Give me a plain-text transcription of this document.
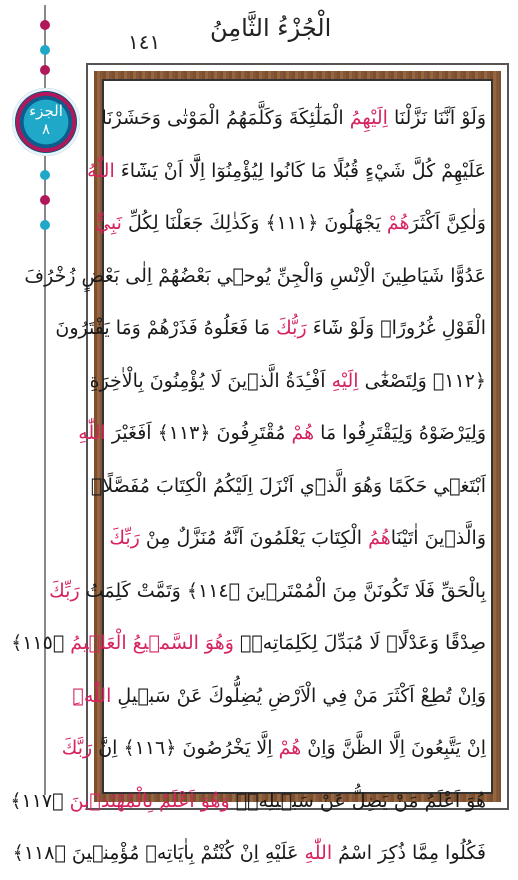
١٤١ الْجُزْءُ الثَّامِنُ
الجزء
٨	وَلَوْ اَنَّنَا نَزَّلْنَا اِلَيْهِمُ الْمَلٰٓئِكَةَ وَكَلَّمَهُمُ الْمَوْتٰى وَحَشَرْنَا
عَلَيْهِمْ كُلَّ شَيْءٍ قُبُلًا مَا كَانُوا لِيُؤْمِنُوٓا اِلَّٓا اَنْ يَشَٓاءَ اللّٰهُ
وَلٰكِنَّ اَكْثَرَهُمْ يَجْهَلُونَ ﴿١١١﴾ وَكَذٰلِكَ جَعَلْنَا لِكُلِّ نَبِيٍّ
عَدُوًّا شَيَاطِينَ الْاِنْسِ وَالْجِنِّ يُوحٖي بَعْضُهُمْ اِلٰى بَعْضٍ زُخْرُفَ
الْقَوْلِ غُرُورًاۜ وَلَوْ شَٓاءَ رَبُّكَ مَا فَعَلُوهُ فَذَرْهُمْ وَمَا يَفْتَرُونَ
﴿١١٢﴾ وَلِتَصْغٰٓى اِلَيْهِ اَفْـِٔدَةُ الَّذٖينَ لَا يُؤْمِنُونَ بِالْاٰخِرَةِ
وَلِيَرْضَوْهُ وَلِيَقْتَرِفُوا مَا هُمْ مُقْتَرِفُونَ ﴿١١٣﴾ اَفَغَيْرَ اللّٰهِ
اَبْتَغٖي حَكَمًا وَهُوَ الَّذٖٓي اَنْزَلَ اِلَيْكُمُ الْكِتَابَ مُفَصَّلًاۜ
وَالَّذٖينَ اٰتَيْنَاهُمُ الْكِتَابَ يَعْلَمُونَ اَنَّهُ مُنَزَّلٌ مِنْ رَبِّكَ
بِالْحَقِّ فَلَا تَكُونَنَّ مِنَ الْمُمْتَرٖينَ ﴿١١٤﴾ وَتَمَّتْ كَلِمَتُ رَبِّكَ
صِدْقًا وَعَدْلًاۜ لَا مُبَدِّلَ لِكَلِمَاتِهٖۚ وَهُوَ السَّمٖيعُ الْعَلٖيمُ ﴿١١٥﴾
وَاِنْ تُطِعْ اَكْثَرَ مَنْ فِي الْاَرْضِ يُضِلُّوكَ عَنْ سَبٖيلِ اللّٰهِۜ
اِنْ يَتَّبِعُونَ اِلَّا الظَّنَّ وَاِنْ هُمْ اِلَّا يَخْرُصُونَ ﴿١١٦﴾ اِنَّ رَبَّكَ
هُوَ اَعْلَمُ مَنْ يَضِلُّ عَنْ سَبٖيلِهٖۚ وَهُوَ اَعْلَمُ بِالْمُهْتَدٖينَ ﴿١١٧﴾
فَكُلُوا مِمَّا ذُكِرَ اسْمُ اللّٰهِ عَلَيْهِ اِنْ كُنْتُمْ بِاٰيَاتِهٖ مُؤْمِنٖينَ ﴿١١٨﴾
